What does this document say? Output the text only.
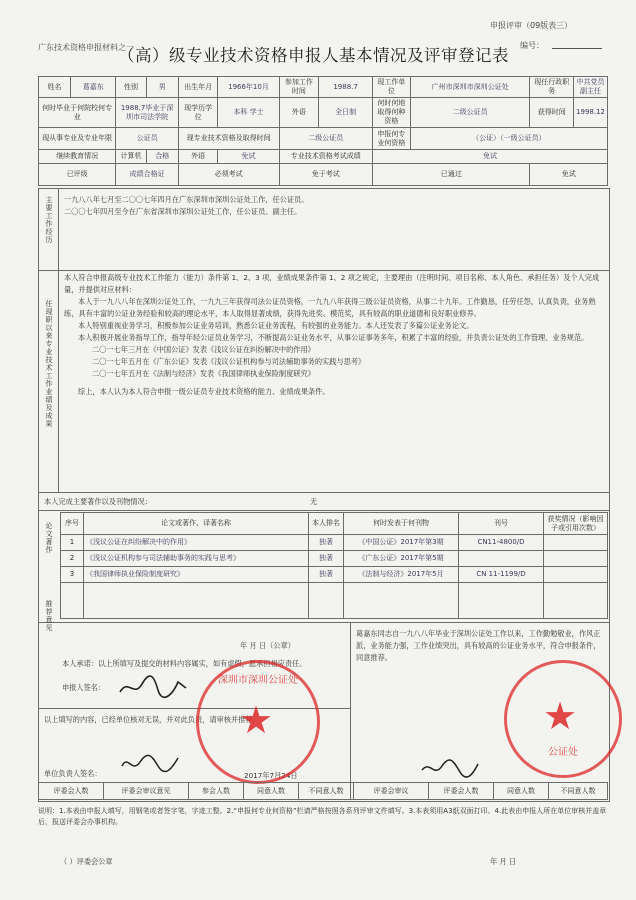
广东技术资格申报材料之一
申报评审（09版表三）
编号：
（高）级专业技术资格申报人基本情况及评审登记表
姓名	葛嘉东	性别	男	出生年月	1966年10月	参加工作时间	1988.7	现工作单位	广州市深圳市深圳公证处	现任行政职务	中共党员副主任
何时毕业于何院校何专业		1988.7毕业于深圳市司法学院		现学历学位	本科 学士	外语	全日制	何时何地取得何种资格	二级公证员	获得时间	1998.12
现从事专业及专业年限		公证员		现专业技术资格及取得时间		二级公证员		申报何专业何资格	（公证）（一级公证员）		
继续教育情况		计算机	合格	外语	免试	专业技术资格考试成绩		免试			
已评级		成绩合格证		必须考试		免于考试		已通过		免试	
主要工作经历 一九八八年七月至二〇〇七年四月在广东深圳市深圳公证处工作，任公证员。
二〇〇七年四月至今在广东省深圳市深圳公证处工作，任公证员、副主任。
任现职以来专业技术工作业绩及成果
本人符合申报高级专业技术工作能力（能力）条件第 1、2、3 项，业绩成果条件第 1、2 项之规定，主要理由（注明时间、项目名称、本人角色、承担任务）及个人完成量，并提供对应材料：
本人于一九八八年在深圳公证处工作，一九九三年获得司法公证员资格，一九九八年获得三级公证员资格，从事二十九年。工作勤恳，任劳任怨，认真负责，业务熟练，具有丰富的公证业务经验和较高的理论水平，本人取得显著成绩，获得先进奖、模范奖，具有较高的职业道德和良好职业修养。
本人特别重视业务学习，积极参加公证业务培训，熟悉公证业务流程，有较强的业务能力。本人还发表了多篇公证业务论文。
本人积极开展业务指导工作，指导年轻公证员业务学习，不断提高公证业务水平，从事公证事务多年，积累了丰富的经验，并负责公证处的工作管理、业务规范。
二〇一七年三月在《中国公证》发表《浅议公证在纠纷解决中的作用》
二〇一七年五月在《广东公证》发表《浅议公证机构参与司法辅助事务的实践与思考》
二〇一七年五月在《法制与经济》发表《我国律师执业保险制度研究》
综上，本人认为本人符合申报一级公证员专业技术资格的能力、业绩成果条件。
本人完成主要著作以及刊物情况：	无
论文著作 序号	论文或著作、译著名称	本人排名	何时发表于何刊物	刊号	获奖情况（影响因子或引用次数）
1	《浅议公证在纠纷解决中的作用》	独著	《中国公证》2017年第3期	CN11-4800/D	
2	《浅议公证机构参与司法辅助事务的实践与思考》	独著	《广东公证》2017年第5期		
3	《我国律师执业保险制度研究》	独著	《法制与经济》2017年5月	CN 11-1199/D	

推荐意见
葛嘉东同志自一九八八年毕业于深圳公证处工作以来，工作勤勉敬业，作风正派，业务能力强，工作业绩突出，具有较高的公证业务水平，符合申报条件，同意推荐。
本人承诺：以上所填写及提交的材料内容属实，如有虚假，愿承担相应责任。
申报人签名：
年 月 日（公章）
以上填写的内容，已经单位核对无误，并对此负责，请审核并推荐。
单位负责人签名：	2017年7月24日
★
深圳市深圳公证处
★
公证处
评委会人数	评委会审议意见	参会人数	同意人数	不同意人数	评委会审议	评委会人数	同意人数	不同意人数
说明：1.本表由申报人填写，用钢笔或者签字笔，字迹工整。2.“申报何专业何资格”栏请严格按照各系列评审文件填写。3.本表须用A3纸双面打印。4.此表由申报人所在单位审核并盖章后，报送评委会办事机构。
（ ）评委会公章	年 月 日
